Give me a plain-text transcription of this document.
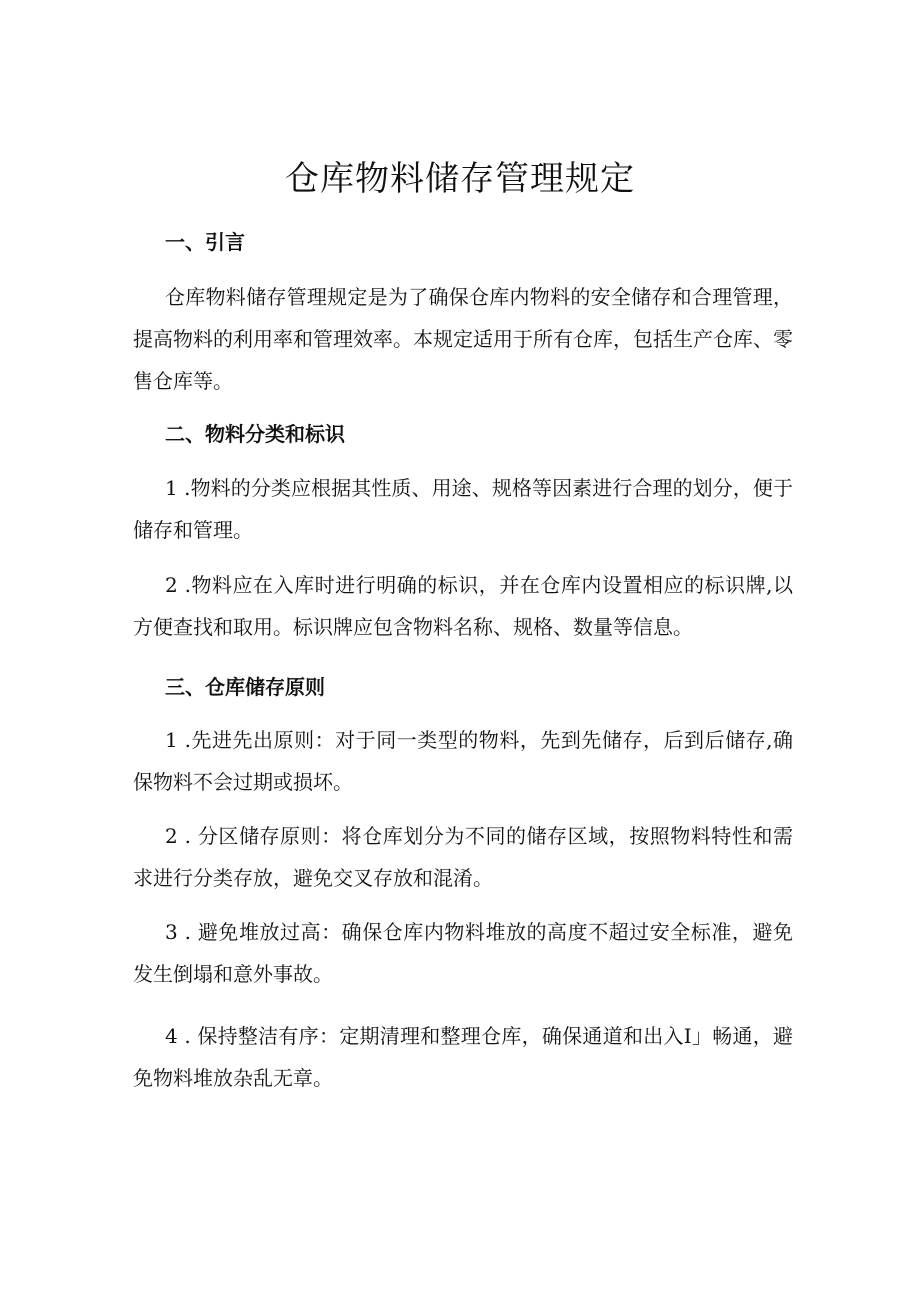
仓库物料储存管理规定
一、引言

仓库物料储存管理规定是为了确保仓库内物料的安全储存和合理管理，提高物料的利用率和管理效率。本规定适用于所有仓库，包括生产仓库、零售仓库等。

二、物料分类和标识

1 .物料的分类应根据其性质、用途、规格等因素进行合理的划分，便于储存和管理。

2 .物料应在入库时进行明确的标识，并在仓库内设置相应的标识牌,以方便查找和取用。标识牌应包含物料名称、规格、数量等信息。

三、仓库储存原则

1 .先进先出原则：对于同一类型的物料，先到先储存，后到后储存,确保物料不会过期或损坏。

2 . 分区储存原则：将仓库划分为不同的储存区域，按照物料特性和需求进行分类存放，避免交叉存放和混淆。

3 . 避免堆放过高：确保仓库内物料堆放的高度不超过安全标准，避免发生倒塌和意外事故。

4 . 保持整洁有序：定期清理和整理仓库，确保通道和出入I」畅通，避免物料堆放杂乱无章。
